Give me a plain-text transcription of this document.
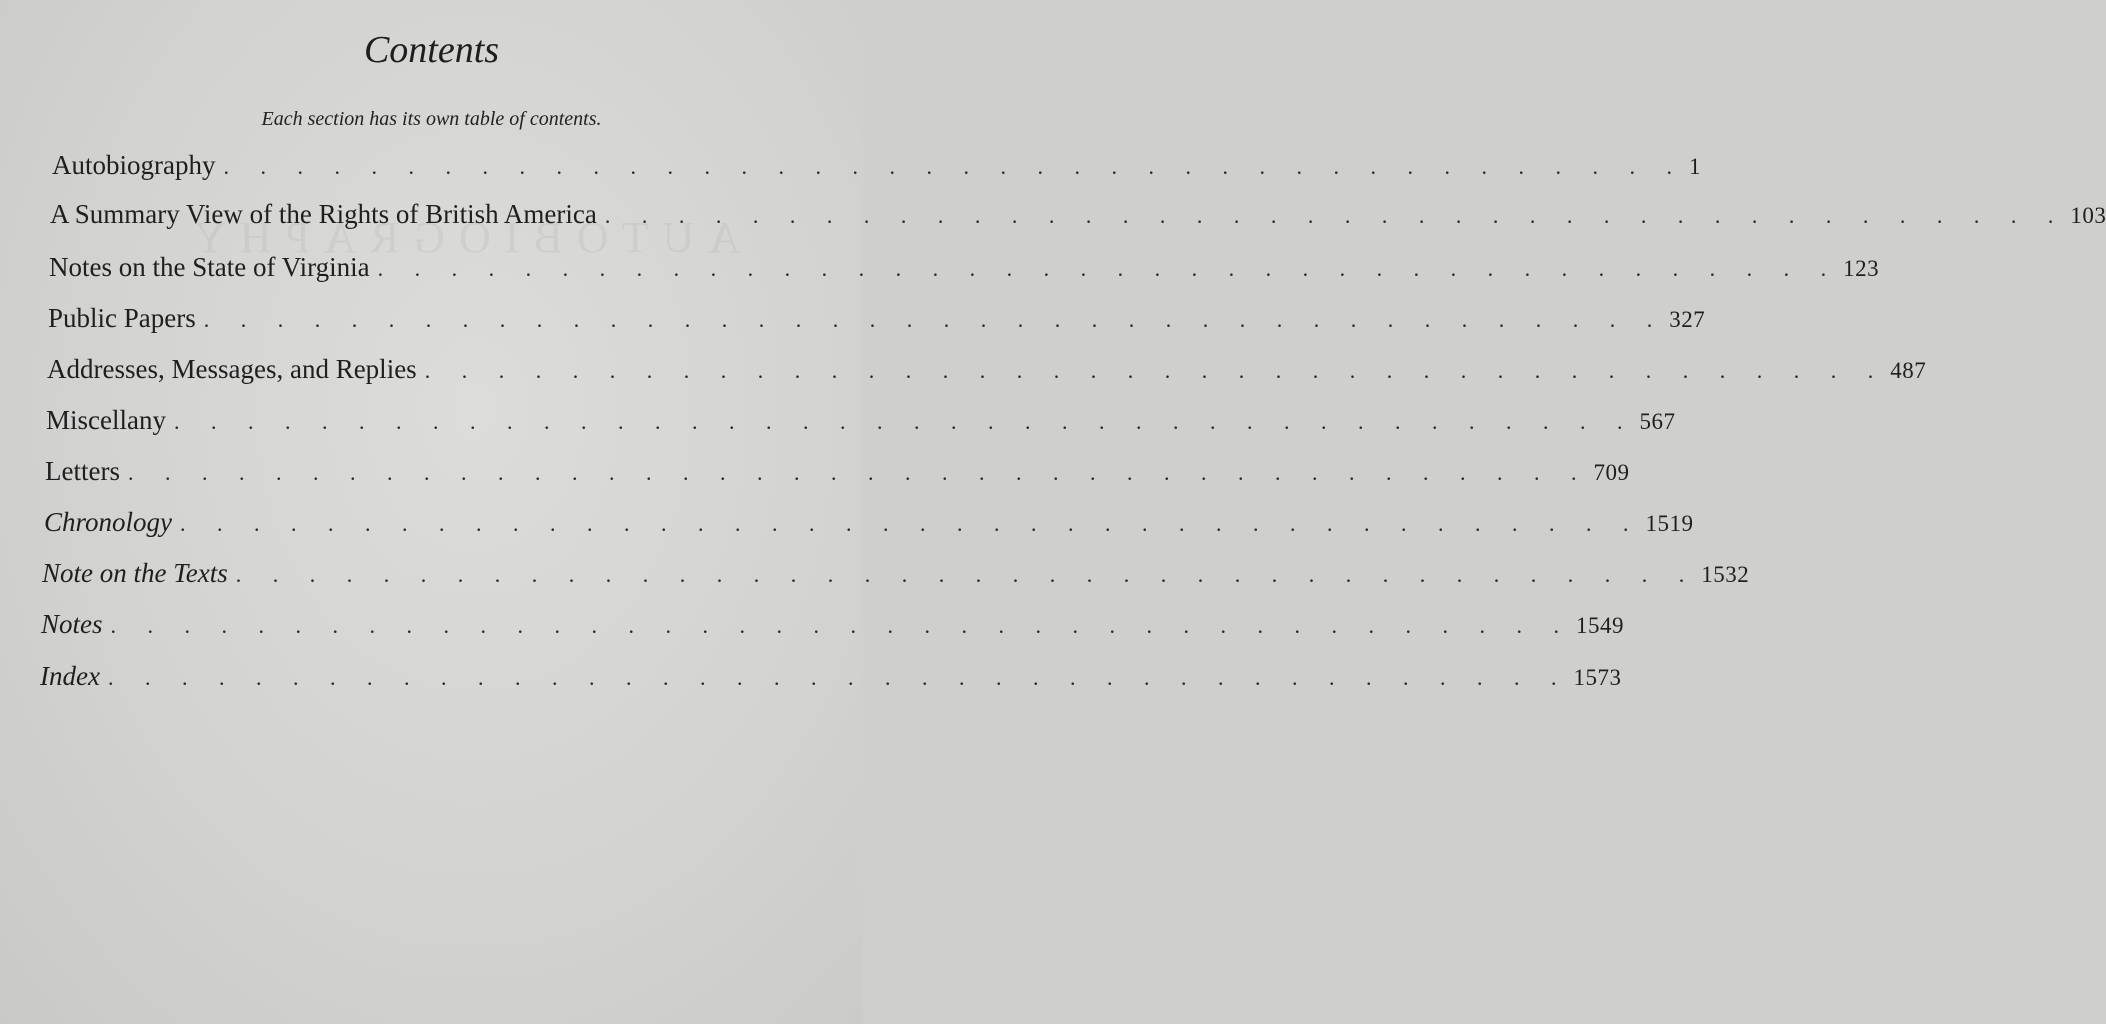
Contents
Each section has its own table of contents.
Autobiography . . . . . . . . . . . . . . . . . . . . . . . . . . . . . . . . . . . . . . . . 1
A Summary View of the Rights of British America . . . . . . . . . . . . . . . . . . . . . . . . . . . . . . . . . . . . . . . . 103
Notes on the State of Virginia . . . . . . . . . . . . . . . . . . . . . . . . . . . . . . . . . . . . . . . . 123
Public Papers . . . . . . . . . . . . . . . . . . . . . . . . . . . . . . . . . . . . . . . . 327
Addresses, Messages, and Replies . . . . . . . . . . . . . . . . . . . . . . . . . . . . . . . . . . . . . . . . 487
Miscellany . . . . . . . . . . . . . . . . . . . . . . . . . . . . . . . . . . . . . . . . 567
Letters . . . . . . . . . . . . . . . . . . . . . . . . . . . . . . . . . . . . . . . . 709
Chronology . . . . . . . . . . . . . . . . . . . . . . . . . . . . . . . . . . . . . . . . 1519
Note on the Texts . . . . . . . . . . . . . . . . . . . . . . . . . . . . . . . . . . . . . . . . 1532
Notes . . . . . . . . . . . . . . . . . . . . . . . . . . . . . . . . . . . . . . . . 1549
Index . . . . . . . . . . . . . . . . . . . . . . . . . . . . . . . . . . . . . . . . 1573
